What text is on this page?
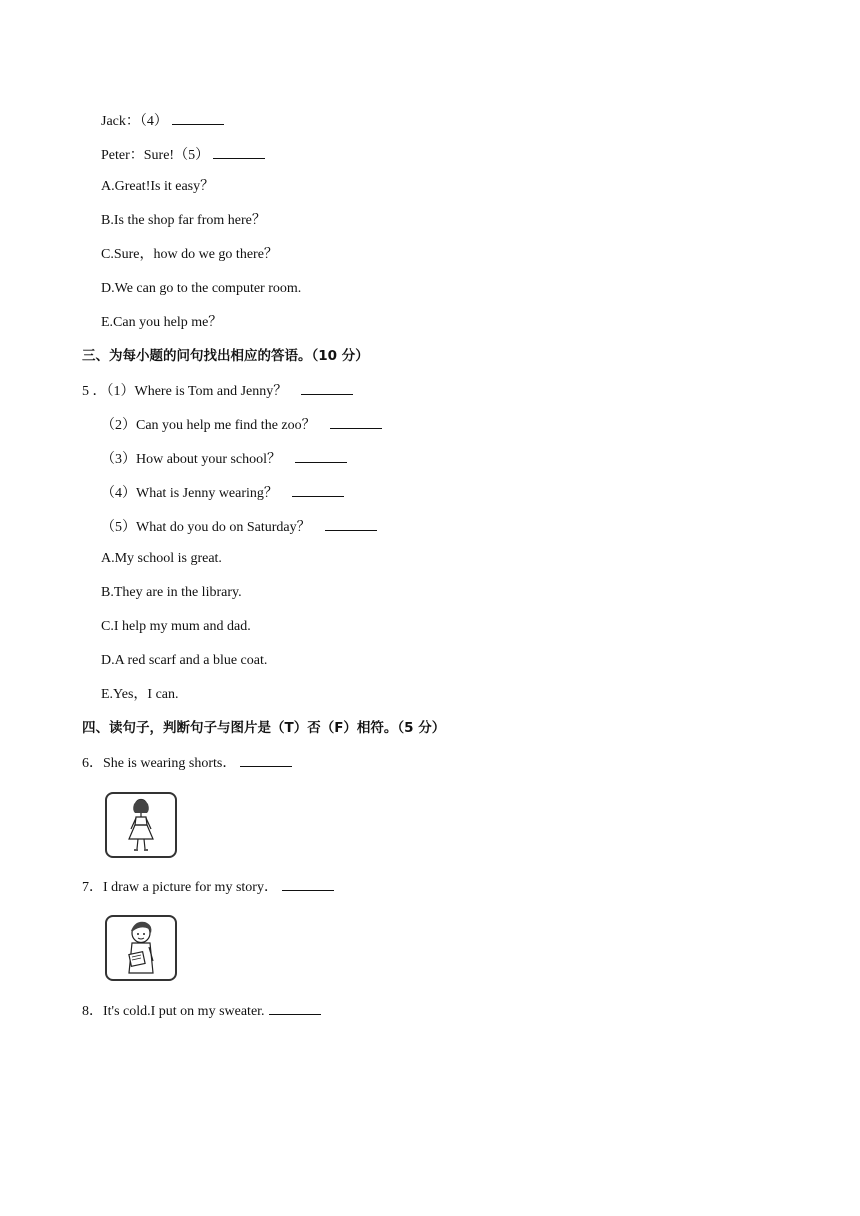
Jack：（4）
Peter：Sure!（5）
A.Great!Is it easy？
B.Is the shop far from here？
C.Sure，how do we go there？
D.We can go to the computer room.
E.Can you help me？
三、为每小题的问句找出相应的答语。（10 分）
5 ．（1）Where is Tom and Jenny？
（2）Can you help me find the zoo？
（3）How about your school？
（4）What is Jenny wearing？
（5）What do you do on Saturday？
A.My school is great.
B.They are in the library.
C.I help my mum and dad.
D.A red scarf and a blue coat.
E.Yes，I can.
四、读句子，判断句子与图片是（T）否（F）相符。（5 分）
6．She is wearing shorts．
7．I draw a picture for my story．
8．It's cold.I put on my sweater.
